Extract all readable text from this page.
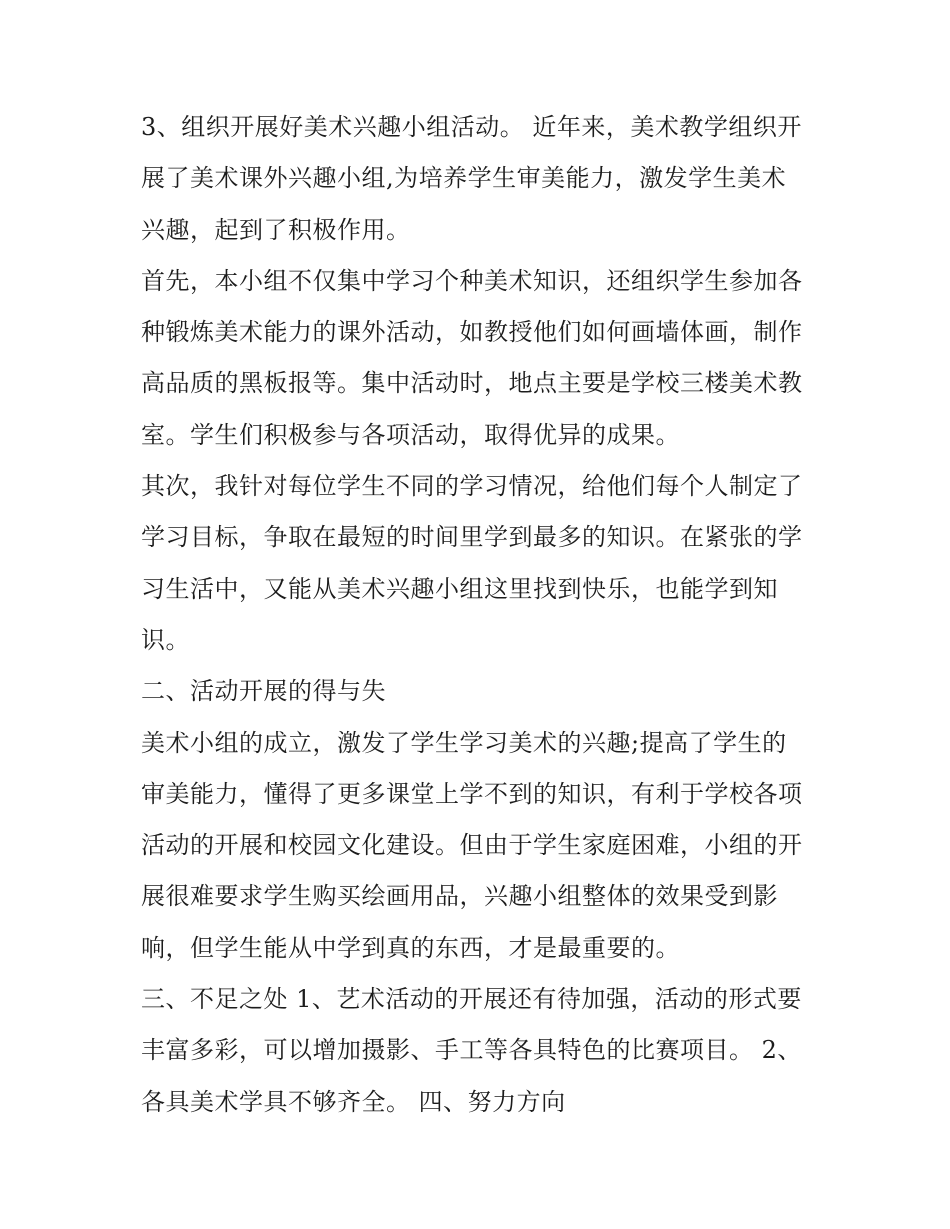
3、组织开展好美术兴趣小组活动。 近年来，美术教学组织开
展了美术课外兴趣小组,为培养学生审美能力，激发学生美术
兴趣，起到了积极作用。
首先，本小组不仅集中学习个种美术知识，还组织学生参加各
种锻炼美术能力的课外活动，如教授他们如何画墙体画，制作
高品质的黑板报等。集中活动时，地点主要是学校三楼美术教
室。学生们积极参与各项活动，取得优异的成果。
其次，我针对每位学生不同的学习情况，给他们每个人制定了
学习目标，争取在最短的时间里学到最多的知识。在紧张的学
习生活中，又能从美术兴趣小组这里找到快乐，也能学到知
识。
二、活动开展的得与失
美术小组的成立，激发了学生学习美术的兴趣;提高了学生的
审美能力，懂得了更多课堂上学不到的知识，有利于学校各项
活动的开展和校园文化建设。但由于学生家庭困难，小组的开
展很难要求学生购买绘画用品，兴趣小组整体的效果受到影
响，但学生能从中学到真的东西，才是最重要的。
三、不足之处 1、艺术活动的开展还有待加强，活动的形式要
丰富多彩，可以增加摄影、手工等各具特色的比赛项目。 2、
各具美术学具不够齐全。 四、努力方向
